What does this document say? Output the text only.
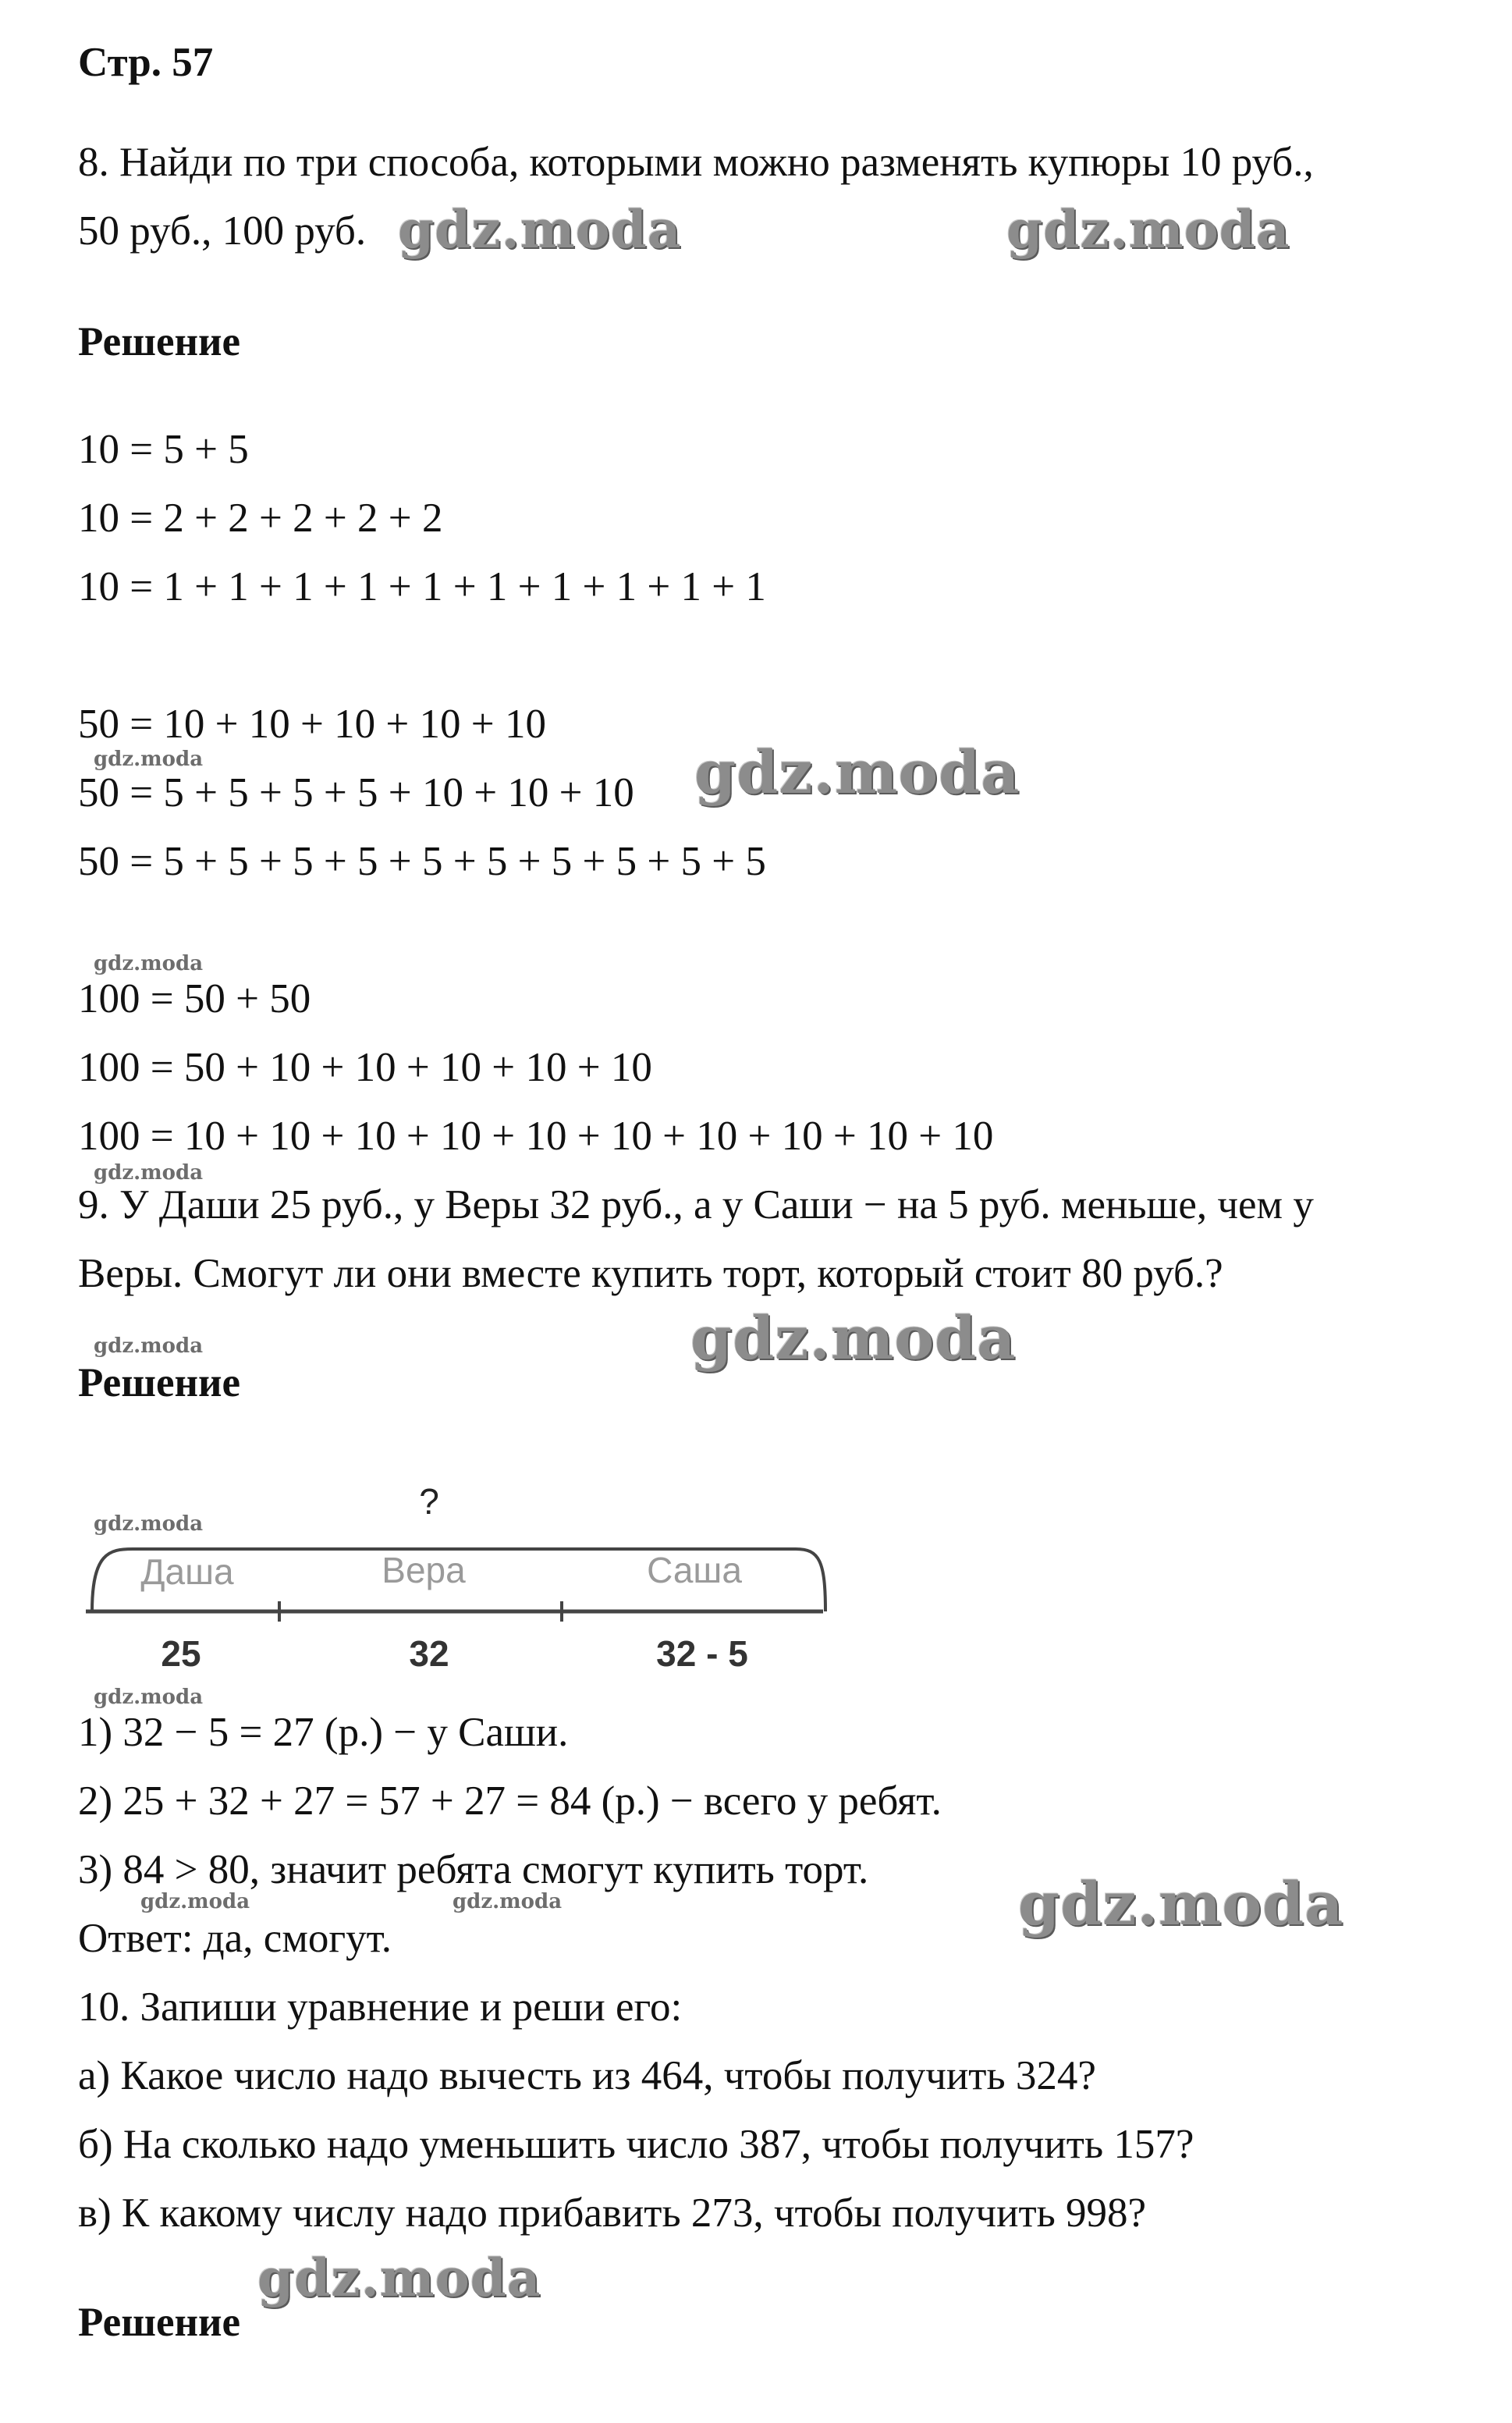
Стр. 57
8. Найди по три способа, которыми можно разменять купюры 10 руб.,
50 руб., 100 руб.
Решение
10 = 5 + 5
10 = 2 + 2 + 2 + 2 + 2
10 = 1 + 1 + 1 + 1 + 1 + 1 + 1 + 1 + 1 + 1
50 = 10 + 10 + 10 + 10 + 10
50 = 5 + 5 + 5 + 5 + 10 + 10 + 10
50 = 5 + 5 + 5 + 5 + 5 + 5 + 5 + 5 + 5 + 5
100 = 50 + 50
100 = 50 + 10 + 10 + 10 + 10 + 10
100 = 10 + 10 + 10 + 10 + 10 + 10 + 10 + 10 + 10 + 10
9. У Даши 25 руб., у Веры 32 руб., а у Саши − на 5 руб. меньше, чем у
Веры. Смогут ли они вместе купить торт, который стоит 80 руб.?
Решение
?
Даша	Вера	Саша
25	32	32 - 5
1) 32 − 5 = 27 (р.) − у Саши.
2) 25 + 32 + 27 = 57 + 27 = 84 (р.) − всего у ребят.
3) 84 > 80, значит ребята смогут купить торт.
Ответ: да, смогут.
10. Запиши уравнение и реши его:
а) Какое число надо вычесть из 464, чтобы получить 324?
б) На сколько надо уменьшить число 387, чтобы получить 157?
в) К какому числу надо прибавить 273, чтобы получить 998?
Решение
gdz.moda	gdz.moda
gdz.moda
gdz.moda
gdz.moda
gdz.moda
gdz.moda
gdz.moda
gdz.moda
gdz.moda
gdz.moda
gdz.moda
gdz.moda	gdz.moda
